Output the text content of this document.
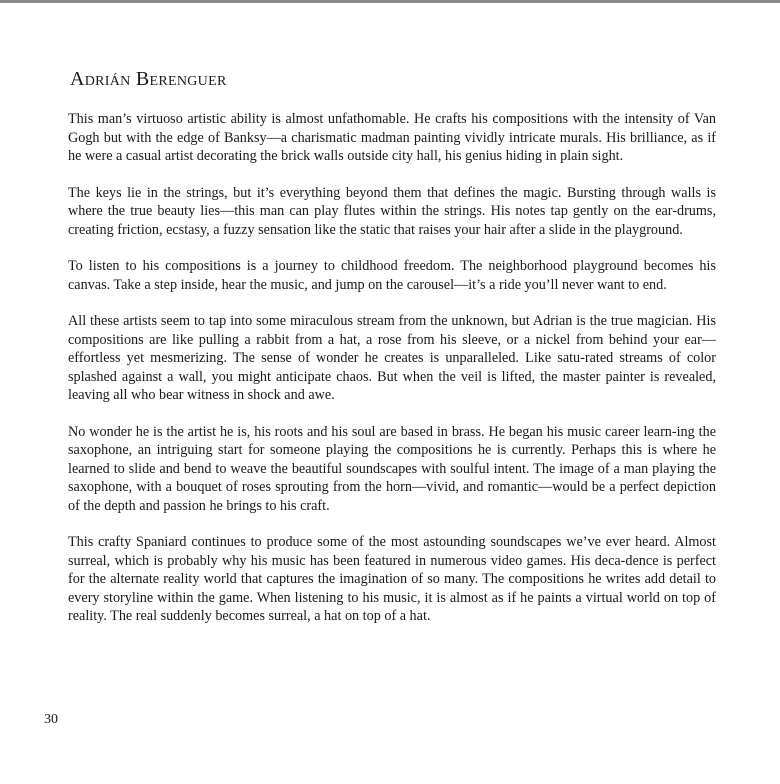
Adrián Berenguer

This man’s virtuoso artistic ability is almost unfathomable. He crafts his compositions with the intensity of Van Gogh but with the edge of Banksy—a charismatic madman painting vividly intricate murals. His brilliance, as if he were a casual artist decorating the brick walls outside city hall, his genius hiding in plain sight.

The keys lie in the strings, but it’s everything beyond them that defines the magic. Bursting through walls is where the true beauty lies—this man can play flutes within the strings. His notes tap gently on the ear-drums, creating friction, ecstasy, a fuzzy sensation like the static that raises your hair after a slide in the playground.

To listen to his compositions is a journey to childhood freedom. The neighborhood playground becomes his canvas. Take a step inside, hear the music, and jump on the carousel—it’s a ride you’ll never want to end.

All these artists seem to tap into some miraculous stream from the unknown, but Adrian is the true magician. His compositions are like pulling a rabbit from a hat, a rose from his sleeve, or a nickel from behind your ear—effortless yet mesmerizing. The sense of wonder he creates is unparalleled. Like satu-rated streams of color splashed against a wall, you might anticipate chaos. But when the veil is lifted, the master painter is revealed, leaving all who bear witness in shock and awe.

No wonder he is the artist he is, his roots and his soul are based in brass. He began his music career learn-ing the saxophone, an intriguing start for someone playing the compositions he is currently. Perhaps this is where he learned to slide and bend to weave the beautiful soundscapes with soulful intent. The image of a man playing the saxophone, with a bouquet of roses sprouting from the horn—vivid, and romantic—would be a perfect depiction of the depth and passion he brings to his craft.

This crafty Spaniard continues to produce some of the most astounding soundscapes we’ve ever heard. Almost surreal, which is probably why his music has been featured in numerous video games. His deca-dence is perfect for the alternate reality world that captures the imagination of so many. The compositions he writes add detail to every storyline within the game. When listening to his music, it is almost as if he paints a virtual world on top of reality. The real suddenly becomes surreal, a hat on top of a hat.

30
